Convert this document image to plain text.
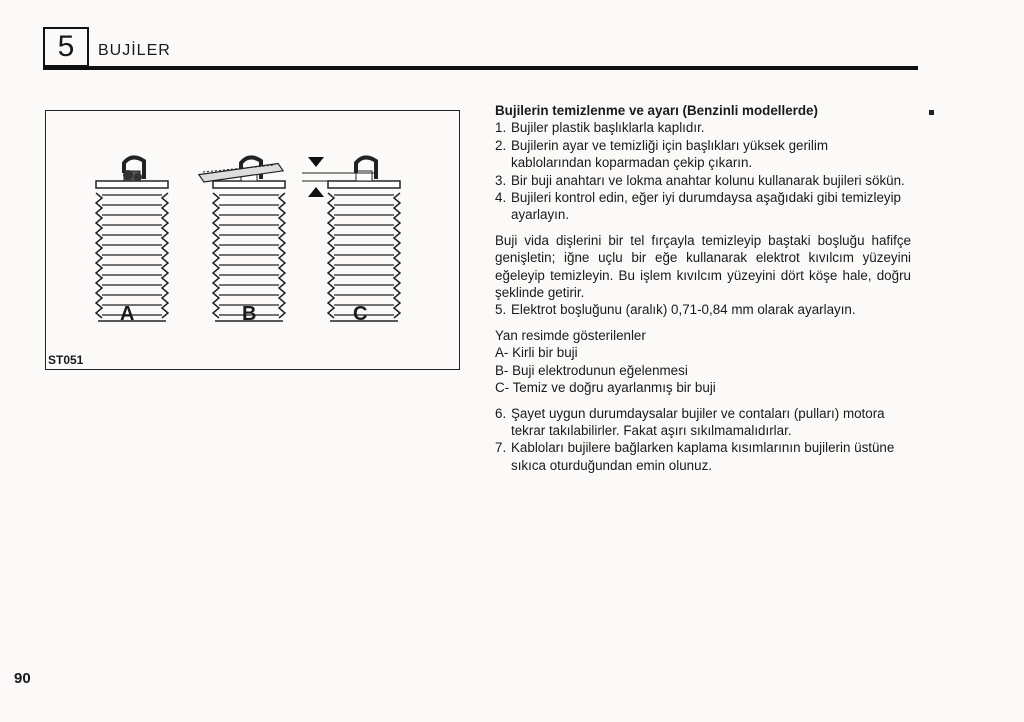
5 BUJİLER
A	B	C
ST051

Bujilerin temizlenme ve ayarı (Benzinli modellerde)

1. Bujiler plastik başlıklarla kaplıdır.
2. Bujilerin ayar ve temizliği için başlıkları yüksek gerilim kablolarından koparmadan çekip çıkarın.
3. Bir buji anahtarı ve lokma anahtar kolunu kullanarak bujileri sökün.
4. Bujileri kontrol edin, eğer iyi durumdaysa aşağıdaki gibi temizleyip ayarlayın.

Buji vida dişlerini bir tel fırçayla temizleyip baştaki boşluğu hafifçe genişletin; iğne uçlu bir eğe kullanarak elektrot kıvılcım yüzeyini eğeleyip temizleyin. Bu işlem kıvılcım yüzeyini dört köşe hale, doğru şeklinde getirir.

5. Elektrot boşluğunu (aralık) 0,71-0,84 mm olarak ayarlayın.

Yan resimde gösterilenler

A- Kirli bir buji

B- Buji elektrodunun eğelenmesi

C- Temiz ve doğru ayarlanmış bir buji

6. Şayet uygun durumdaysalar bujiler ve contaları (pulları) motora tekrar takılabilirler. Fakat aşırı sıkılmamalıdırlar.
7. Kabloları bujilere bağlarken kaplama kısımlarının bujilerin üstüne sıkıca oturduğundan emin olunuz.
90
